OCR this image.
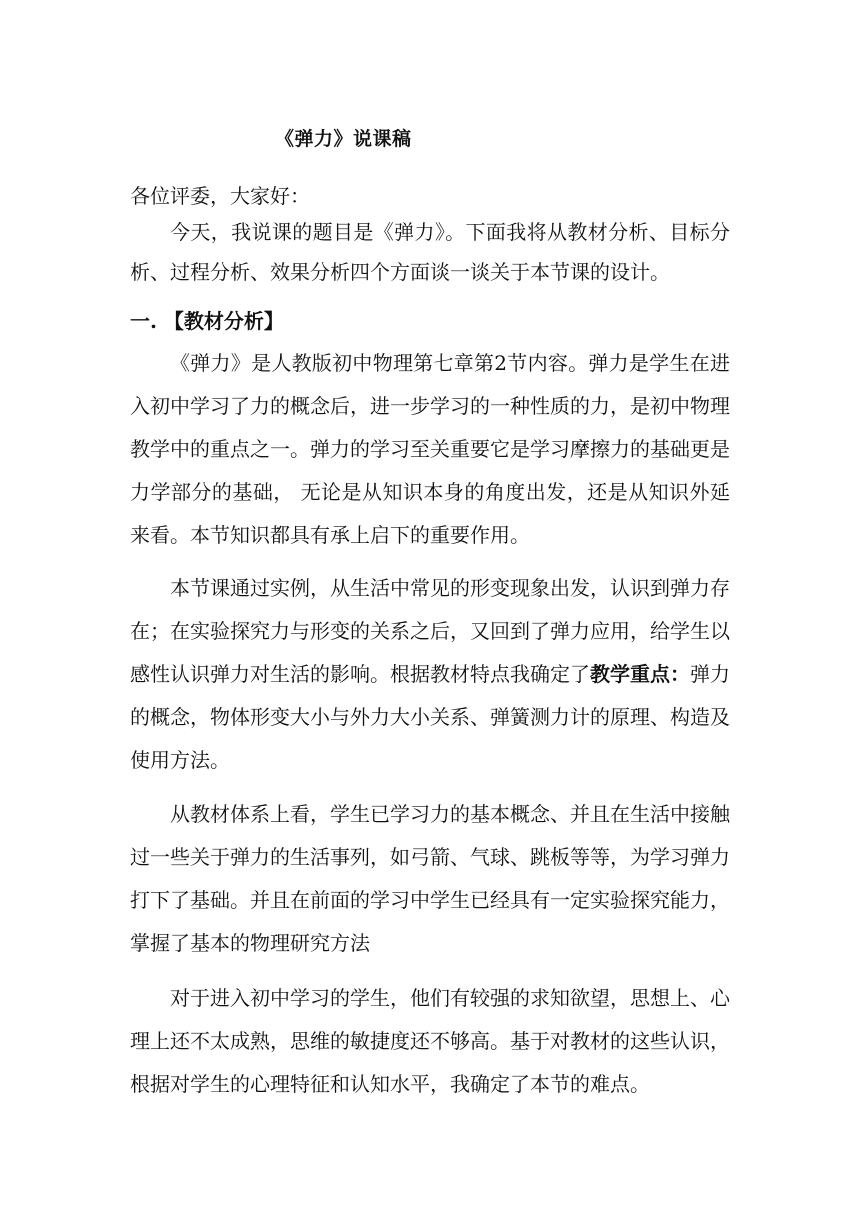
《弹力》说课稿
各位评委，大家好：

今天，我说课的题目是《弹力》。下面我将从教材分析、目标分析、过程分析、效果分析四个方面谈一谈关于本节课的设计。

一. 【教材分析】

《弹力》是人教版初中物理第七章第2节内容。弹力是学生在进入初中学习了力的概念后，进一步学习的一种性质的力，是初中物理教学中的重点之一。弹力的学习至关重要它是学习摩擦力的基础更是力学部分的基础， 无论是从知识本身的角度出发，还是从知识外延来看。本节知识都具有承上启下的重要作用。

本节课通过实例，从生活中常见的形变现象出发，认识到弹力存在；在实验探究力与形变的关系之后，又回到了弹力应用，给学生以感性认识弹力对生活的影响。根据教材特点我确定了教学重点：弹力的概念，物体形变大小与外力大小关系、弹簧测力计的原理、构造及使用方法。

从教材体系上看，学生已学习力的基本概念、并且在生活中接触过一些关于弹力的生活事列，如弓箭、气球、跳板等等，为学习弹力打下了基础。并且在前面的学习中学生已经具有一定实验探究能力，掌握了基本的物理研究方法

对于进入初中学习的学生，他们有较强的求知欲望，思想上、心理上还不太成熟，思维的敏捷度还不够高。基于对教材的这些认识，根据对学生的心理特征和认知水平，我确定了本节的难点。
